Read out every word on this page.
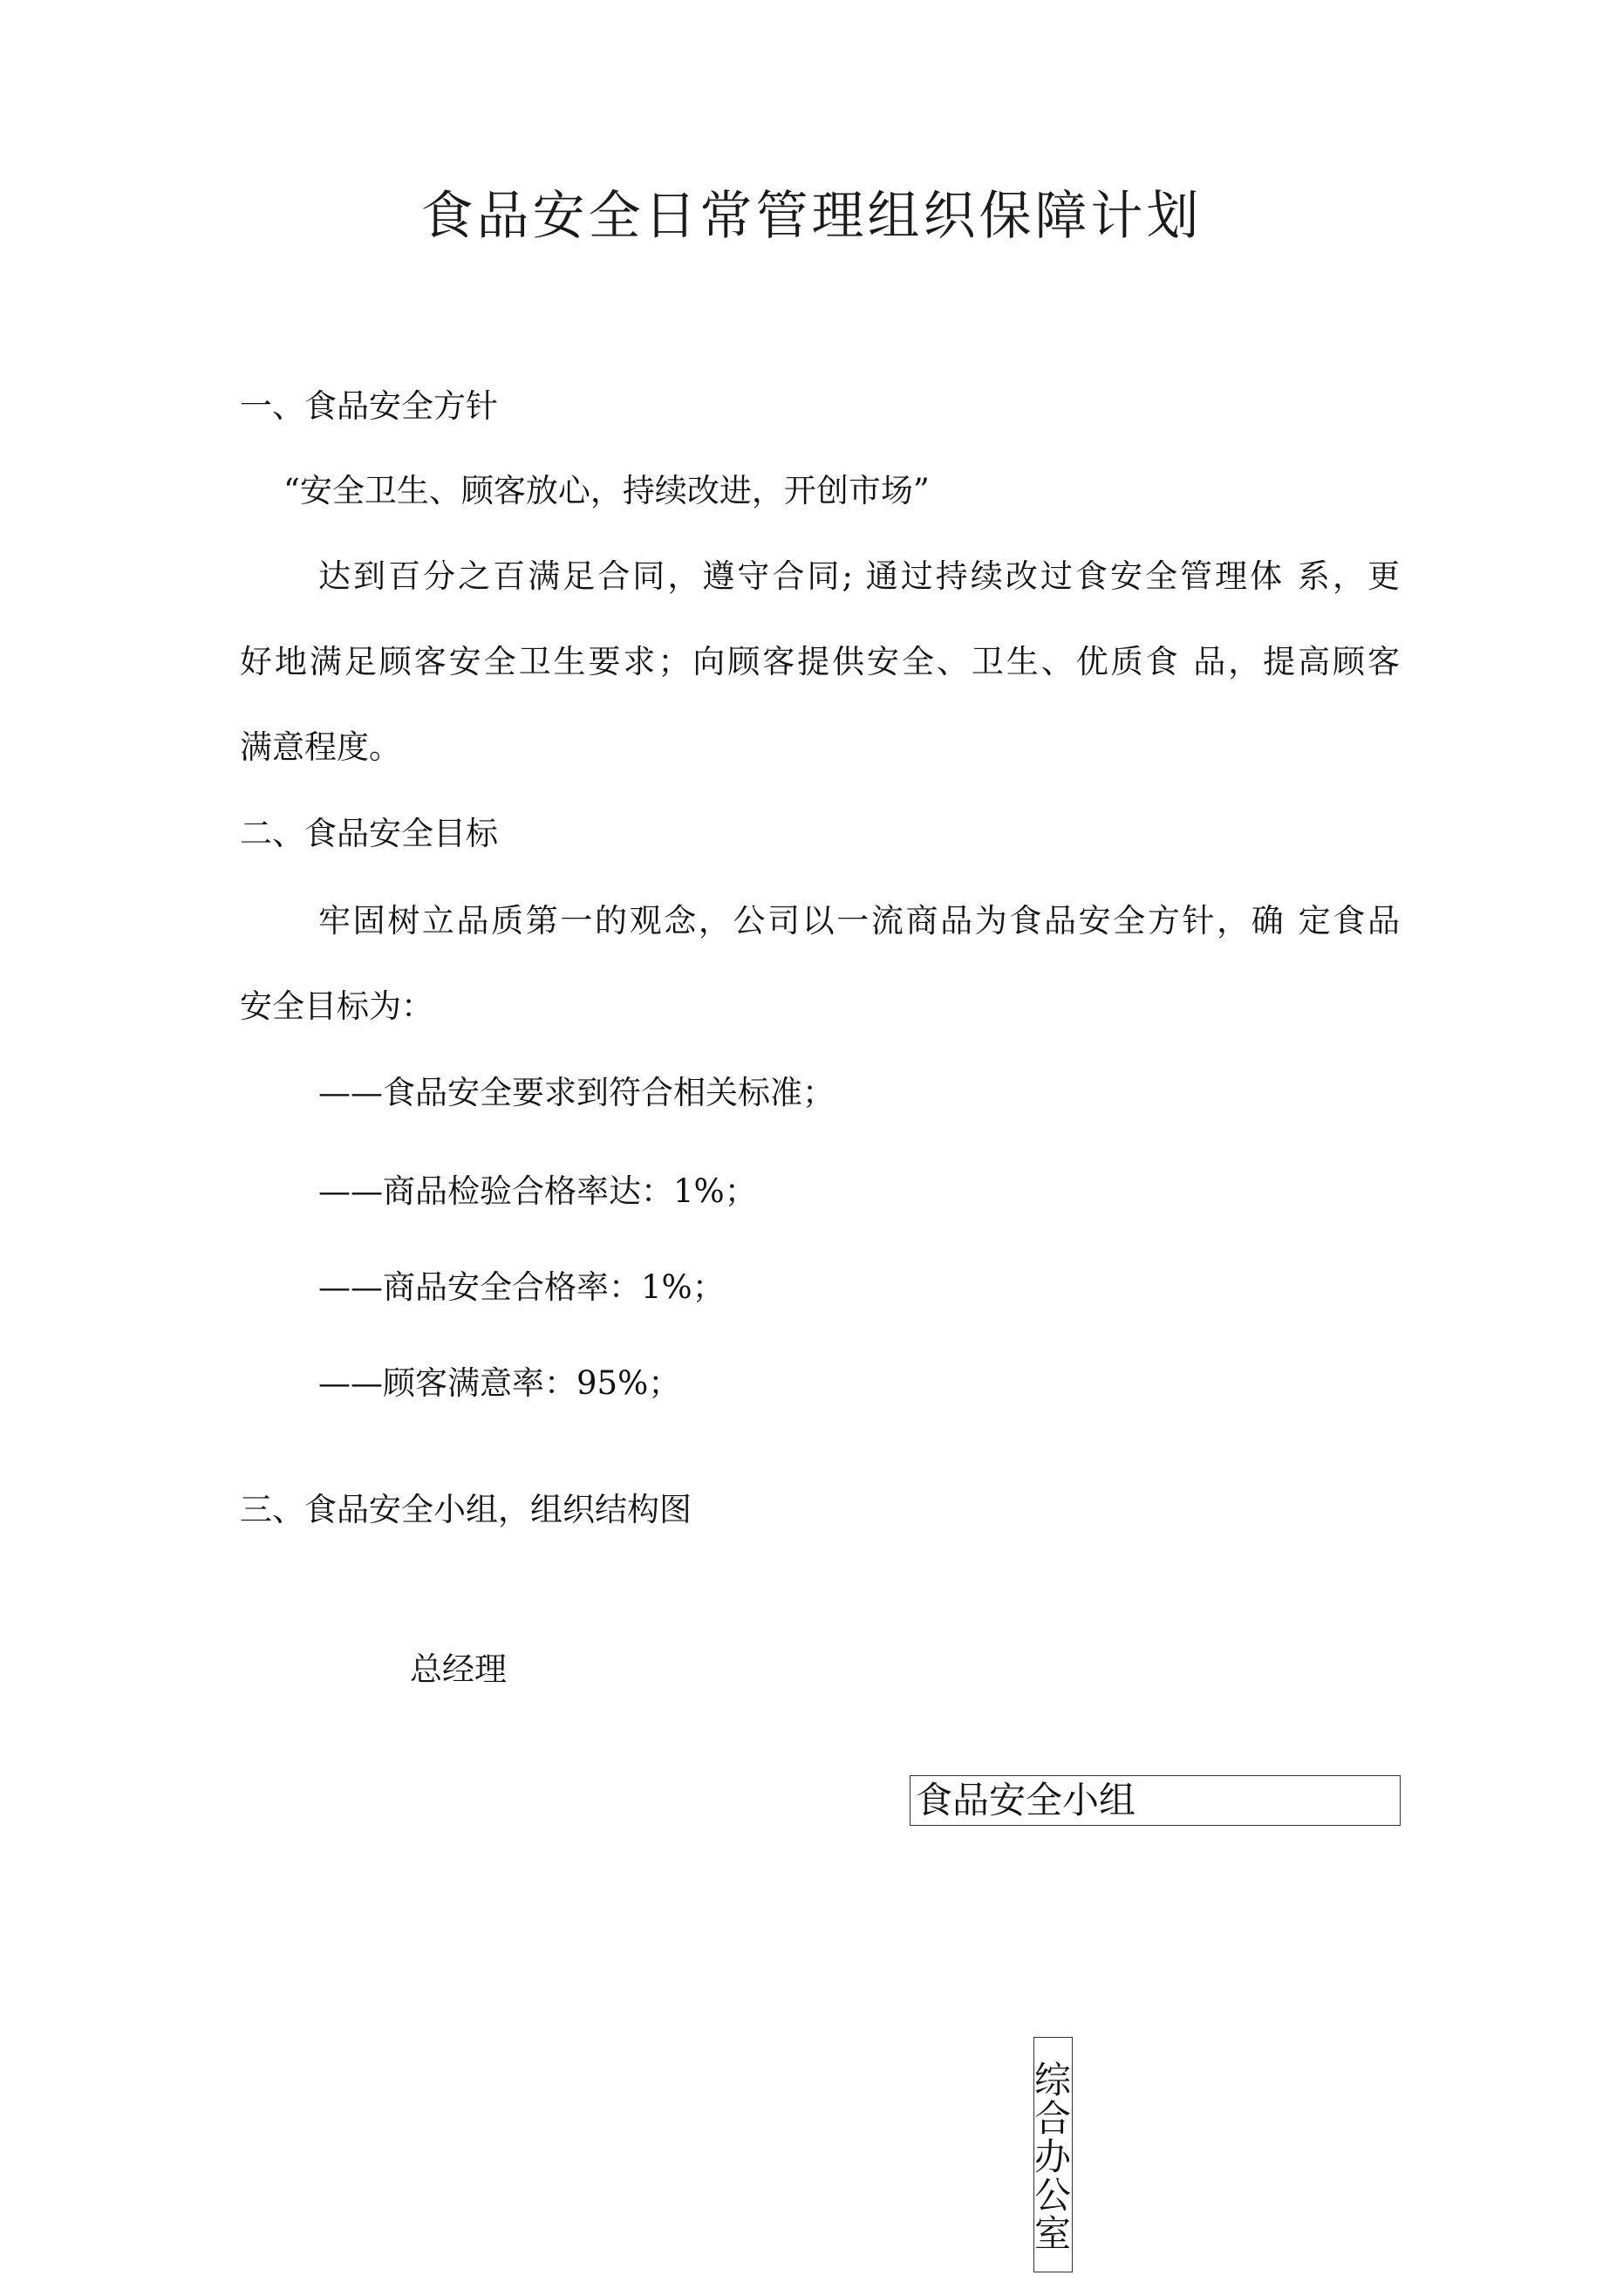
食品安全日常管理组织保障计划
一、食品安全方针
“安全卫生、顾客放心，持续改进，开创市场”
达到百分之百满足合同，遵守合同; 通过持续改过食安全管理体 系，更
好地满足顾客安全卫生要求；向顾客提供安全、卫生、优质食 品，提高顾客
满意程度。
二、食品安全目标
牢固树立品质第一的观念，公司以一流商品为食品安全方针，确 定食品
安全目标为：
——食品安全要求到符合相关标准；
——商品检验合格率达：1%；
——商品安全合格率：1%；
——顾客满意率：95%；
三、食品安全小组，组织结构图
总经理
食品安全小组
综合办公室
